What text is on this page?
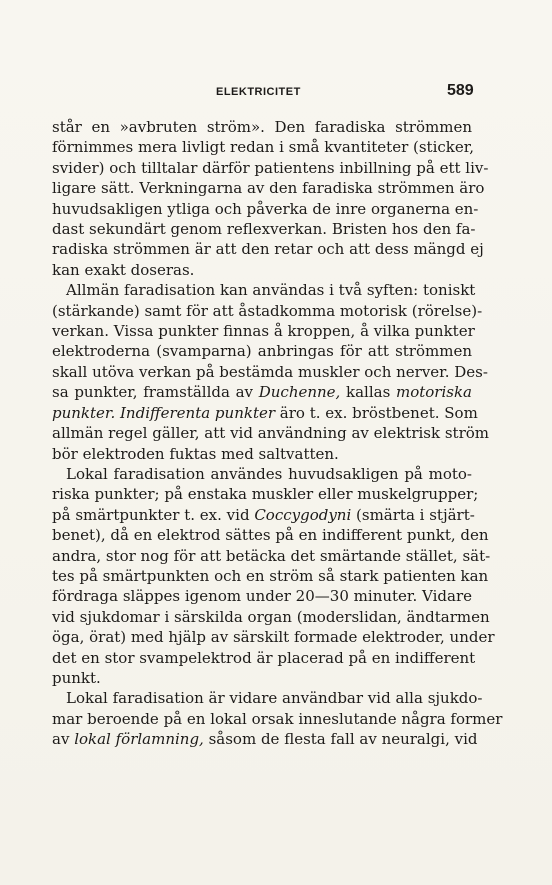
ELEKTRICITET	589
står en »avbruten ström». Den faradiska strömmen
förnimmes mera livligt redan i små kvantiteter (sticker,
svider) och tilltalar därför patientens inbillning på ett liv-
ligare sätt. Verkningarna av den faradiska strömmen äro
huvudsakligen ytliga och påverka de inre organerna en-
dast sekundärt genom reflexverkan. Bristen hos den fa-
radiska strömmen är att den retar och att dess mängd ej
kan exakt doseras.
Allmän faradisation kan användas i två syften: toniskt
(stärkande) samt för att åstadkomma motorisk (rörelse)-
verkan. Vissa punkter finnas å kroppen, å vilka punkter
elektroderna (svamparna) anbringas för att strömmen
skall utöva verkan på bestämda muskler och nerver. Des-
sa punkter, framställda av Duchenne, kallas motoriska
punkter. Indifferenta punkter äro t. ex. bröstbenet. Som
allmän regel gäller, att vid användning av elektrisk ström
bör elektroden fuktas med saltvatten.
Lokal faradisation användes huvudsakligen på moto-
riska punkter; på enstaka muskler eller muskelgrupper;
på smärtpunkter t. ex. vid Coccygodyni (smärta i stjärt-
benet), då en elektrod sättes på en indifferent punkt, den
andra, stor nog för att betäcka det smärtande stället, sät-
tes på smärtpunkten och en ström så stark patienten kan
fördraga släppes igenom under 20—30 minuter. Vidare
vid sjukdomar i särskilda organ (moderslidan, ändtarmen
öga, örat) med hjälp av särskilt formade elektroder, under
det en stor svampelektrod är placerad på en indifferent
punkt.
Lokal faradisation är vidare användbar vid alla sjukdo-
mar beroende på en lokal orsak inneslutande några former
av lokal förlamning, såsom de flesta fall av neuralgi, vid
